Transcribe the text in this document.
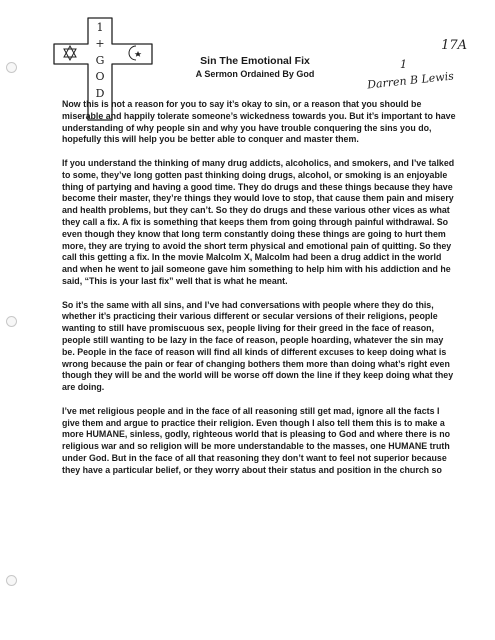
1
+
G
O
D
Sin The Emotional Fix
A Sermon Ordained By God
17A
1
Darren B Lewis

Now this is not a reason for you to say it’s okay to sin, or a reason that you should be miserable and happily tolerate someone’s wickedness towards you. But it’s important to have understanding of why people sin and why you have trouble conquering the sins you do, hopefully this will help you be better able to conquer and master them.

If you understand the thinking of many drug addicts, alcoholics, and smokers, and I’ve talked to some, they’ve long gotten past thinking doing drugs, alcohol, or smoking is an enjoyable thing of partying and having a good time. They do drugs and these things because they have become their master, they’re things they would love to stop, that cause them pain and misery and health problems, but they can’t. So they do drugs and these various other vices as what they call a fix. A fix is something that keeps them from going through painful withdrawal. So even though they know that long term constantly doing these things are going to hurt them more, they are trying to avoid the short term physical and emotional pain of quitting. So they call this getting a fix. In the movie Malcolm X, Malcolm had been a drug addict in the world and when he went to jail someone gave him something to help him with his addiction and he said, “This is your last fix” well that is what he meant.

So it’s the same with all sins, and I’ve had conversations with people where they do this, whether it’s practicing their various different or secular versions of their religions, people wanting to still have promiscuous sex, people living for their greed in the face of reason, people still wanting to be lazy in the face of reason, people hoarding, whatever the sin may be. People in the face of reason will find all kinds of different excuses to keep doing what is wrong because the pain or fear of changing bothers them more than doing what’s right even though they will be and the world will be worse off down the line if they keep doing what they are doing.

I’ve met religious people and in the face of all reasoning still get mad, ignore all the facts I give them and argue to practice their religion. Even though I also tell them this is to make a more HUMANE, sinless, godly, righteous world that is pleasing to God and where there is no religious war and so religion will be more understandable to the masses, one HUMANE truth under God. But in the face of all that reasoning they don’t want to feel not superior because they have a particular belief, or they worry about their status and position in the church so
